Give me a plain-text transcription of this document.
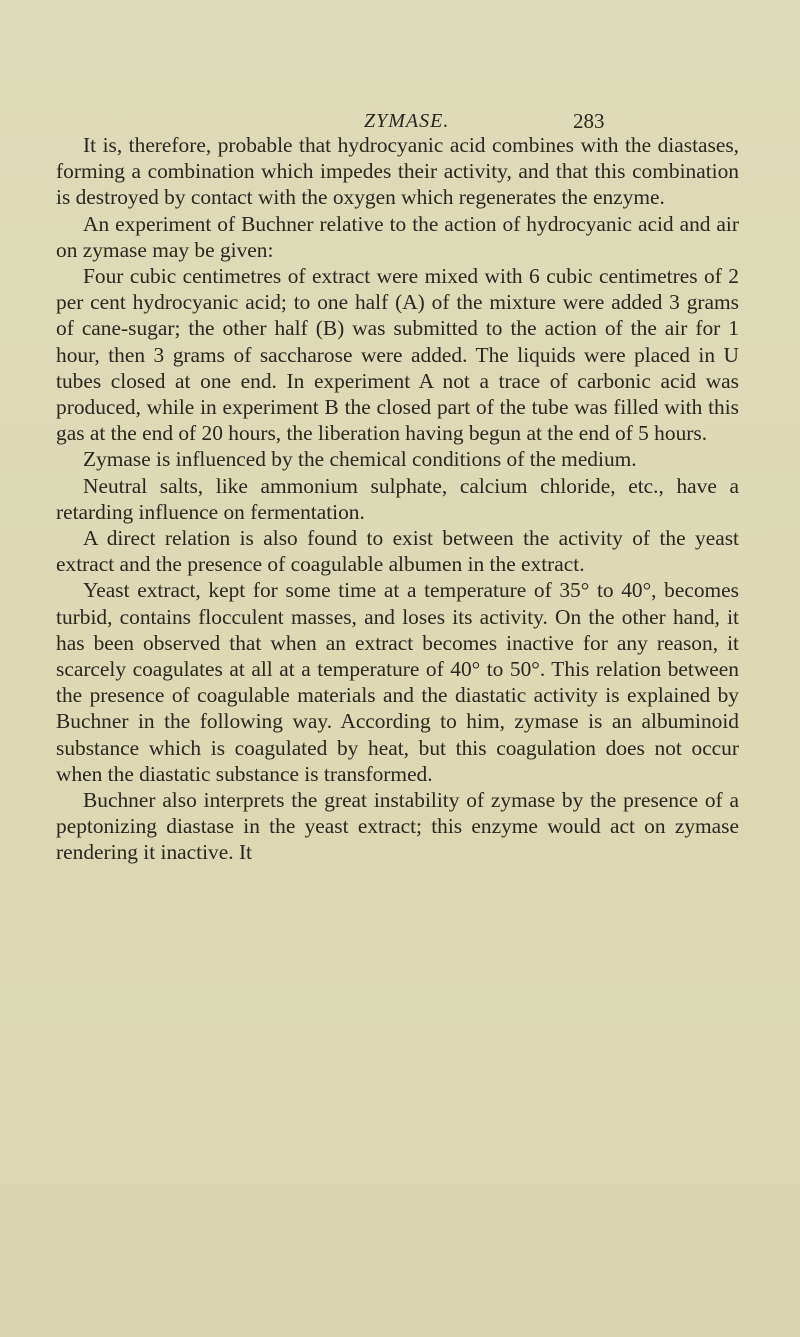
ZYMASE.	283

It is, therefore, probable that hydrocyanic acid combines with the diastases, forming a combination which impedes their activity, and that this combination is destroyed by contact with the oxygen which regenerates the enzyme.

An experiment of Buchner relative to the action of hydrocyanic acid and air on zymase may be given:

Four cubic centimetres of extract were mixed with 6 cubic centimetres of 2 per cent hydrocyanic acid; to one half (A) of the mixture were added 3 grams of cane-sugar; the other half (B) was submitted to the action of the air for 1 hour, then 3 grams of saccharose were added. The liquids were placed in U tubes closed at one end. In experiment A not a trace of carbonic acid was produced, while in experiment B the closed part of the tube was filled with this gas at the end of 20 hours, the liberation having begun at the end of 5 hours.

Zymase is influenced by the chemical conditions of the medium.

Neutral salts, like ammonium sulphate, calcium chloride, etc., have a retarding influence on fermentation.

A direct relation is also found to exist between the activity of the yeast extract and the presence of coagulable albumen in the extract.

Yeast extract, kept for some time at a temperature of 35° to 40°, becomes turbid, contains flocculent masses, and loses its activity. On the other hand, it has been observed that when an extract becomes inactive for any reason, it scarcely coagulates at all at a temperature of 40° to 50°. This relation between the presence of coagulable materials and the diastatic activity is explained by Buchner in the following way. According to him, zymase is an albuminoid substance which is coagulated by heat, but this coagulation does not occur when the diastatic substance is transformed.

Buchner also interprets the great instability of zymase by the presence of a peptonizing diastase in the yeast extract; this enzyme would act on zymase rendering it inactive. It
